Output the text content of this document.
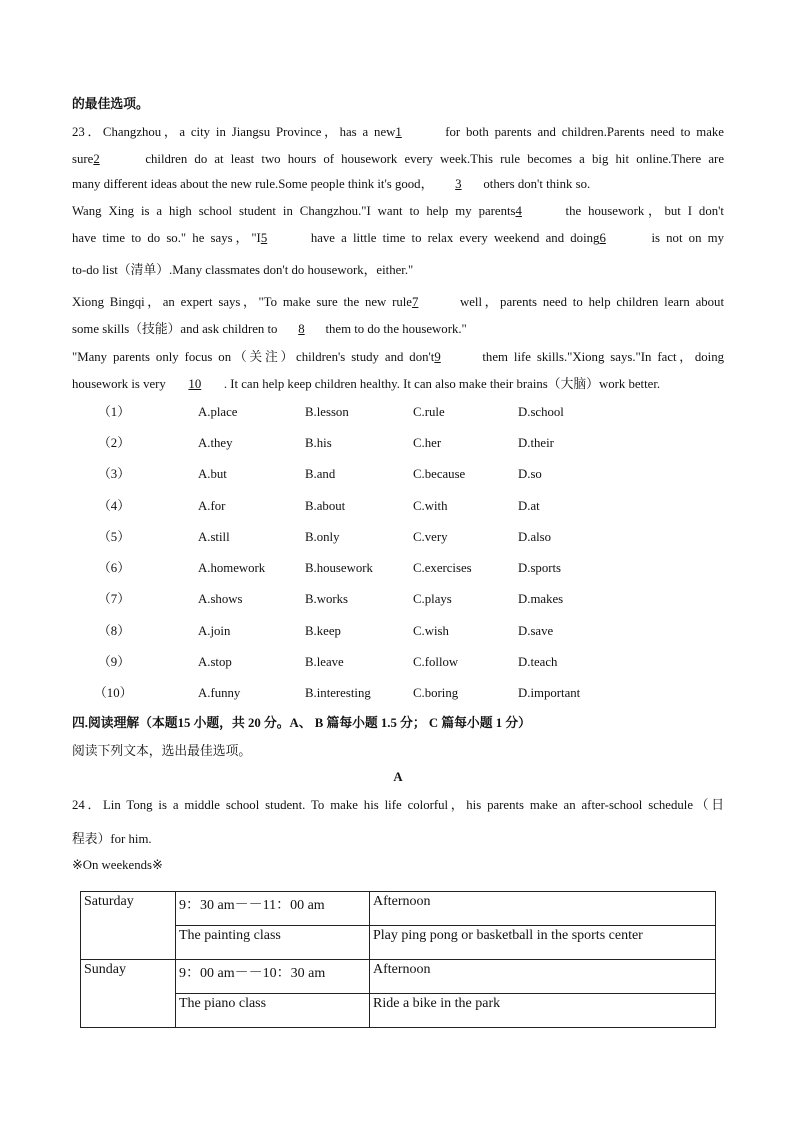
的最佳选项。
23．Changzhou，a city in Jiangsu Province，has a new1	for both parents and children.Parents need to make
sure2	children do at least two hours of housework every week.This rule becomes a big hit online.There are
many different ideas about the new rule.Some people think it's good， 3 others don't think so.
Wang Xing is a high school student in Changzhou."I want to help my parents4	the housework，but I don't
have time to do so." he says，"I5	have a little time to relax every weekend and doing6	is not on my
to-do list（清单）.Many classmates don't do housework，either."
Xiong Bingqi，an expert says，"To make sure the new rule7	well，parents need to help children learn about
some skills（技能）and ask children to 8 them to do the housework."
"Many parents only focus on（关注）children's study and don't9	them life skills."Xiong says."In fact，doing
housework is very 10 . It can help keep children healthy. It can also make their brains（大脑）work better.
（1）	A.place	B.lesson	C.rule	D.school
（2）	A.they	B.his	C.her	D.their
（3）	A.but	B.and	C.because	D.so
（4）	A.for	B.about	C.with	D.at
（5）	A.still	B.only	C.very	D.also
（6）	A.homework	B.housework	C.exercises	D.sports
（7）	A.shows	B.works	C.plays	D.makes
（8）	A.join	B.keep	C.wish	D.save
（9）	A.stop	B.leave	C.follow	D.teach
（10）	A.funny	B.interesting	C.boring	D.important
四.阅读理解（本题15 小题，共 20 分。A、 B 篇每小题 1.5 分； C 篇每小题 1 分）
阅读下列文本，选出最佳选项。
A
24．Lin Tong is a middle school student. To make his life colorful，his parents make an after-school schedule（日
程表）for him.
※On weekends※
Saturday	9：30 am－－11：00 am	Afternoon
	The painting class	Play ping pong or basketball in the sports center
Sunday	9：00 am－－10：30 am	Afternoon
	The piano class	Ride a bike in the park
